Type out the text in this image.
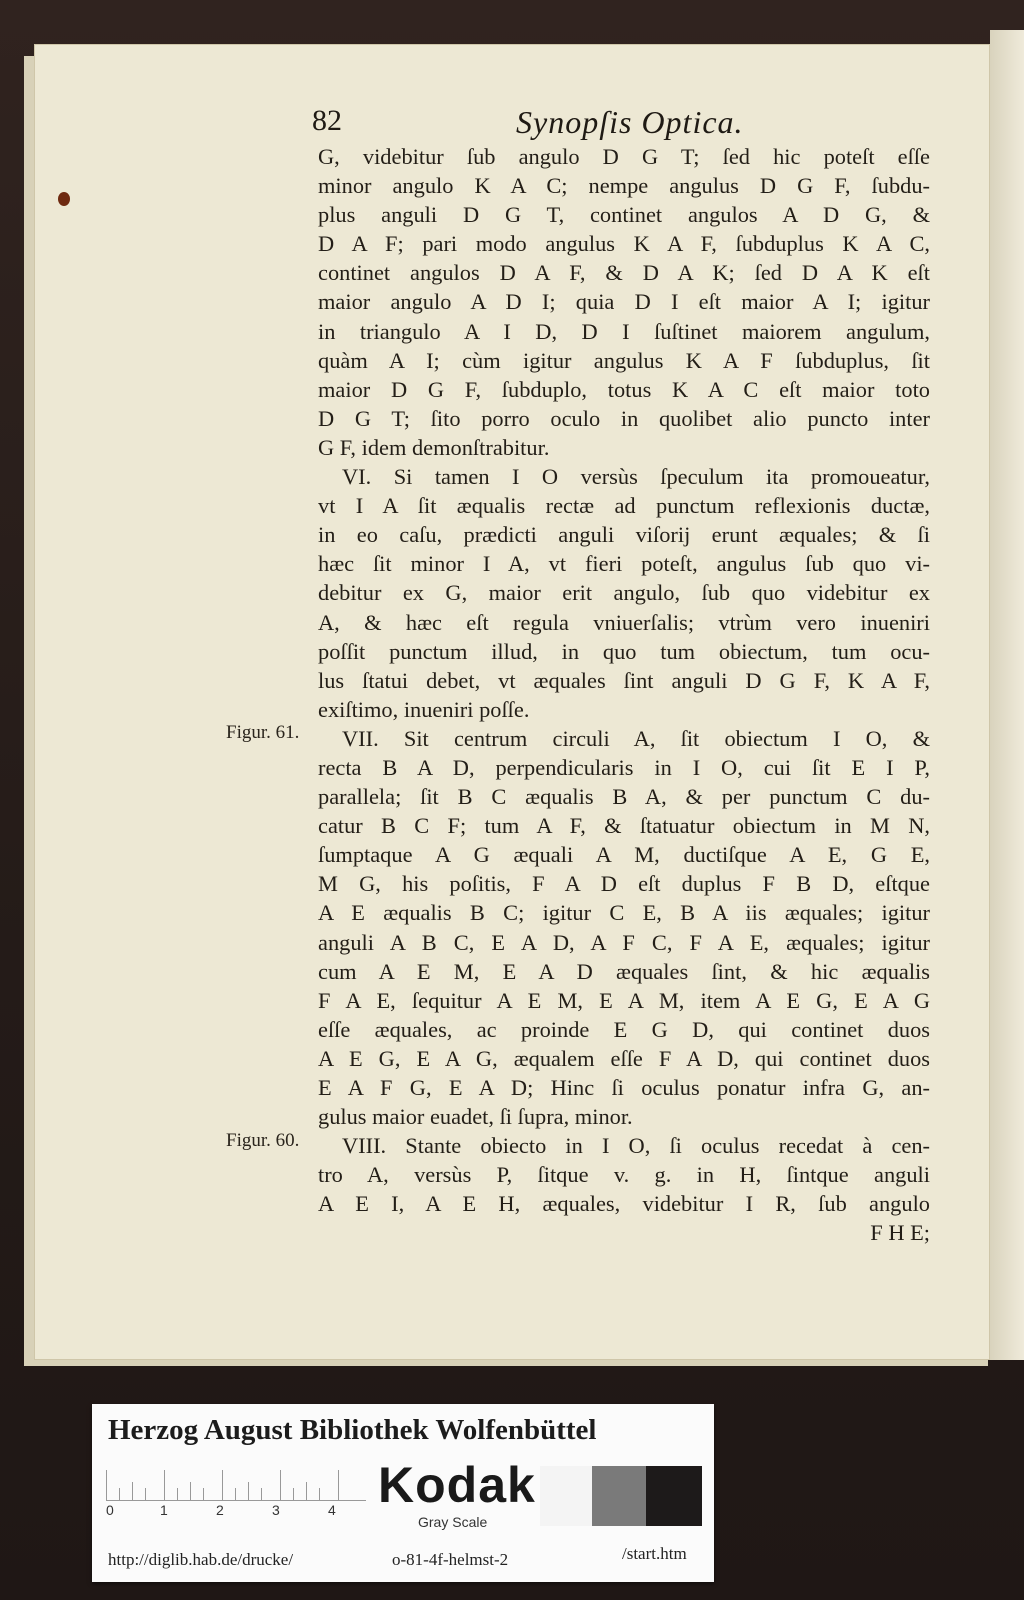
82	Synopſis Optica.
G, videbitur ſub angulo D G T; ſed hic poteſt eſſe
minor angulo K A C; nempe angulus D G F, ſubdu-
plus anguli D G T, continet angulos A D G, &
D A F; pari modo angulus K A F, ſubduplus K A C,
continet angulos D A F, & D A K; ſed D A K eſt
maior angulo A D I; quia D I eſt maior A I; igitur
in triangulo A I D, D I ſuſtinet maiorem angulum,
quàm A I; cùm igitur angulus K A F ſubduplus, ſit
maior D G F, ſubduplo, totus K A C eſt maior toto
D G T; ſito porro oculo in quolibet alio puncto inter
G F, idem demonſtrabitur.
VI. Si tamen I O versùs ſpeculum ita promoueatur,
vt I A ſit æqualis rectæ ad punctum reflexionis ductæ,
in eo caſu, prædicti anguli viſorij erunt æquales; & ſi
hæc ſit minor I A, vt fieri poteſt, angulus ſub quo vi-
debitur ex G, maior erit angulo, ſub quo videbitur ex
A, & hæc eſt regula vniuerſalis; vtrùm vero inueniri
poſſit punctum illud, in quo tum obiectum, tum ocu-
lus ſtatui debet, vt æquales ſint anguli D G F, K A F,
exiſtimo, inueniri poſſe.
VII. Sit centrum circuli A, ſit obiectum I O, &
recta B A D, perpendicularis in I O, cui ſit E I P,
parallela; ſit B C æqualis B A, & per punctum C du-
catur B C F; tum A F, & ſtatuatur obiectum in M N,
ſumptaque A G æquali A M, ductiſque A E, G E,
M G, his poſitis, F A D eſt duplus F B D, eſtque
A E æqualis B C; igitur C E, B A iis æquales; igitur
anguli A B C, E A D, A F C, F A E, æquales; igitur
cum A E M, E A D æquales ſint, & hic æqualis
F A E, ſequitur A E M, E A M, item A E G, E A G
eſſe æquales, ac proinde E G D, qui continet duos
A E G, E A G, æqualem eſſe F A D, qui continet duos
E A F G, E A D; Hinc ſi oculus ponatur infra G, an-
gulus maior euadet, ſi ſupra, minor.
VIII. Stante obiecto in I O, ſi oculus recedat à cen-
tro A, versùs P, ſitque v. g. in H, ſintque anguli
A E I, A E H, æquales, videbitur I R, ſub angulo
F H E;
Figur. 61.
Figur. 60.
Herzog August Bibliothek Wolfenbüttel
0	1	2	3	4 Kodak
Gray Scale
http://diglib.hab.de/drucke/	o-81-4f-helmst-2	/start.htm
